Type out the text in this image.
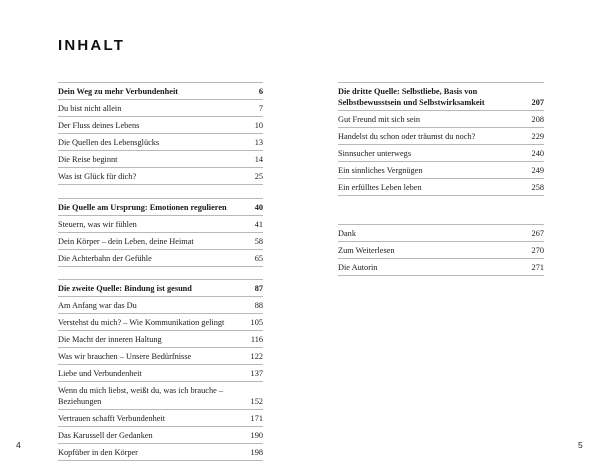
INHALT
Dein Weg zu mehr Verbundenheit	6
Du bist nicht allein	7
Der Fluss deines Lebens	10
Die Quellen des Lebensglücks	13
Die Reise beginnt	14
Was ist Glück für dich?	25
Die Quelle am Ursprung: Emotionen regulieren	40
Steuern, was wir fühlen	41
Dein Körper – dein Leben, deine Heimat	58
Die Achterbahn der Gefühle	65
Die zweite Quelle: Bindung ist gesund	87
Am Anfang war das Du	88
Verstehst du mich? – Wie Kommunikation gelingt	105
Die Macht der inneren Haltung	116
Was wir brauchen – Unsere Bedürfnisse	122
Liebe und Verbundenheit	137
Wenn du mich liebst, weißt du, was ich brauche – Beziehungen	152
Vertrauen schafft Verbundenheit	171
Das Karussell der Gedanken	190
Kopfüber in den Körper	198
Die dritte Quelle: Selbstliebe, Basis von Selbstbewusstsein und Selbstwirksamkeit	207
Gut Freund mit sich sein	208
Handelst du schon oder träumst du noch?	229
Sinnsucher unterwegs	240
Ein sinnliches Vergnügen	249
Ein erfülltes Leben leben	258
Dank	267
Zum Weiterlesen	270
Die Autorin	271
4	5
